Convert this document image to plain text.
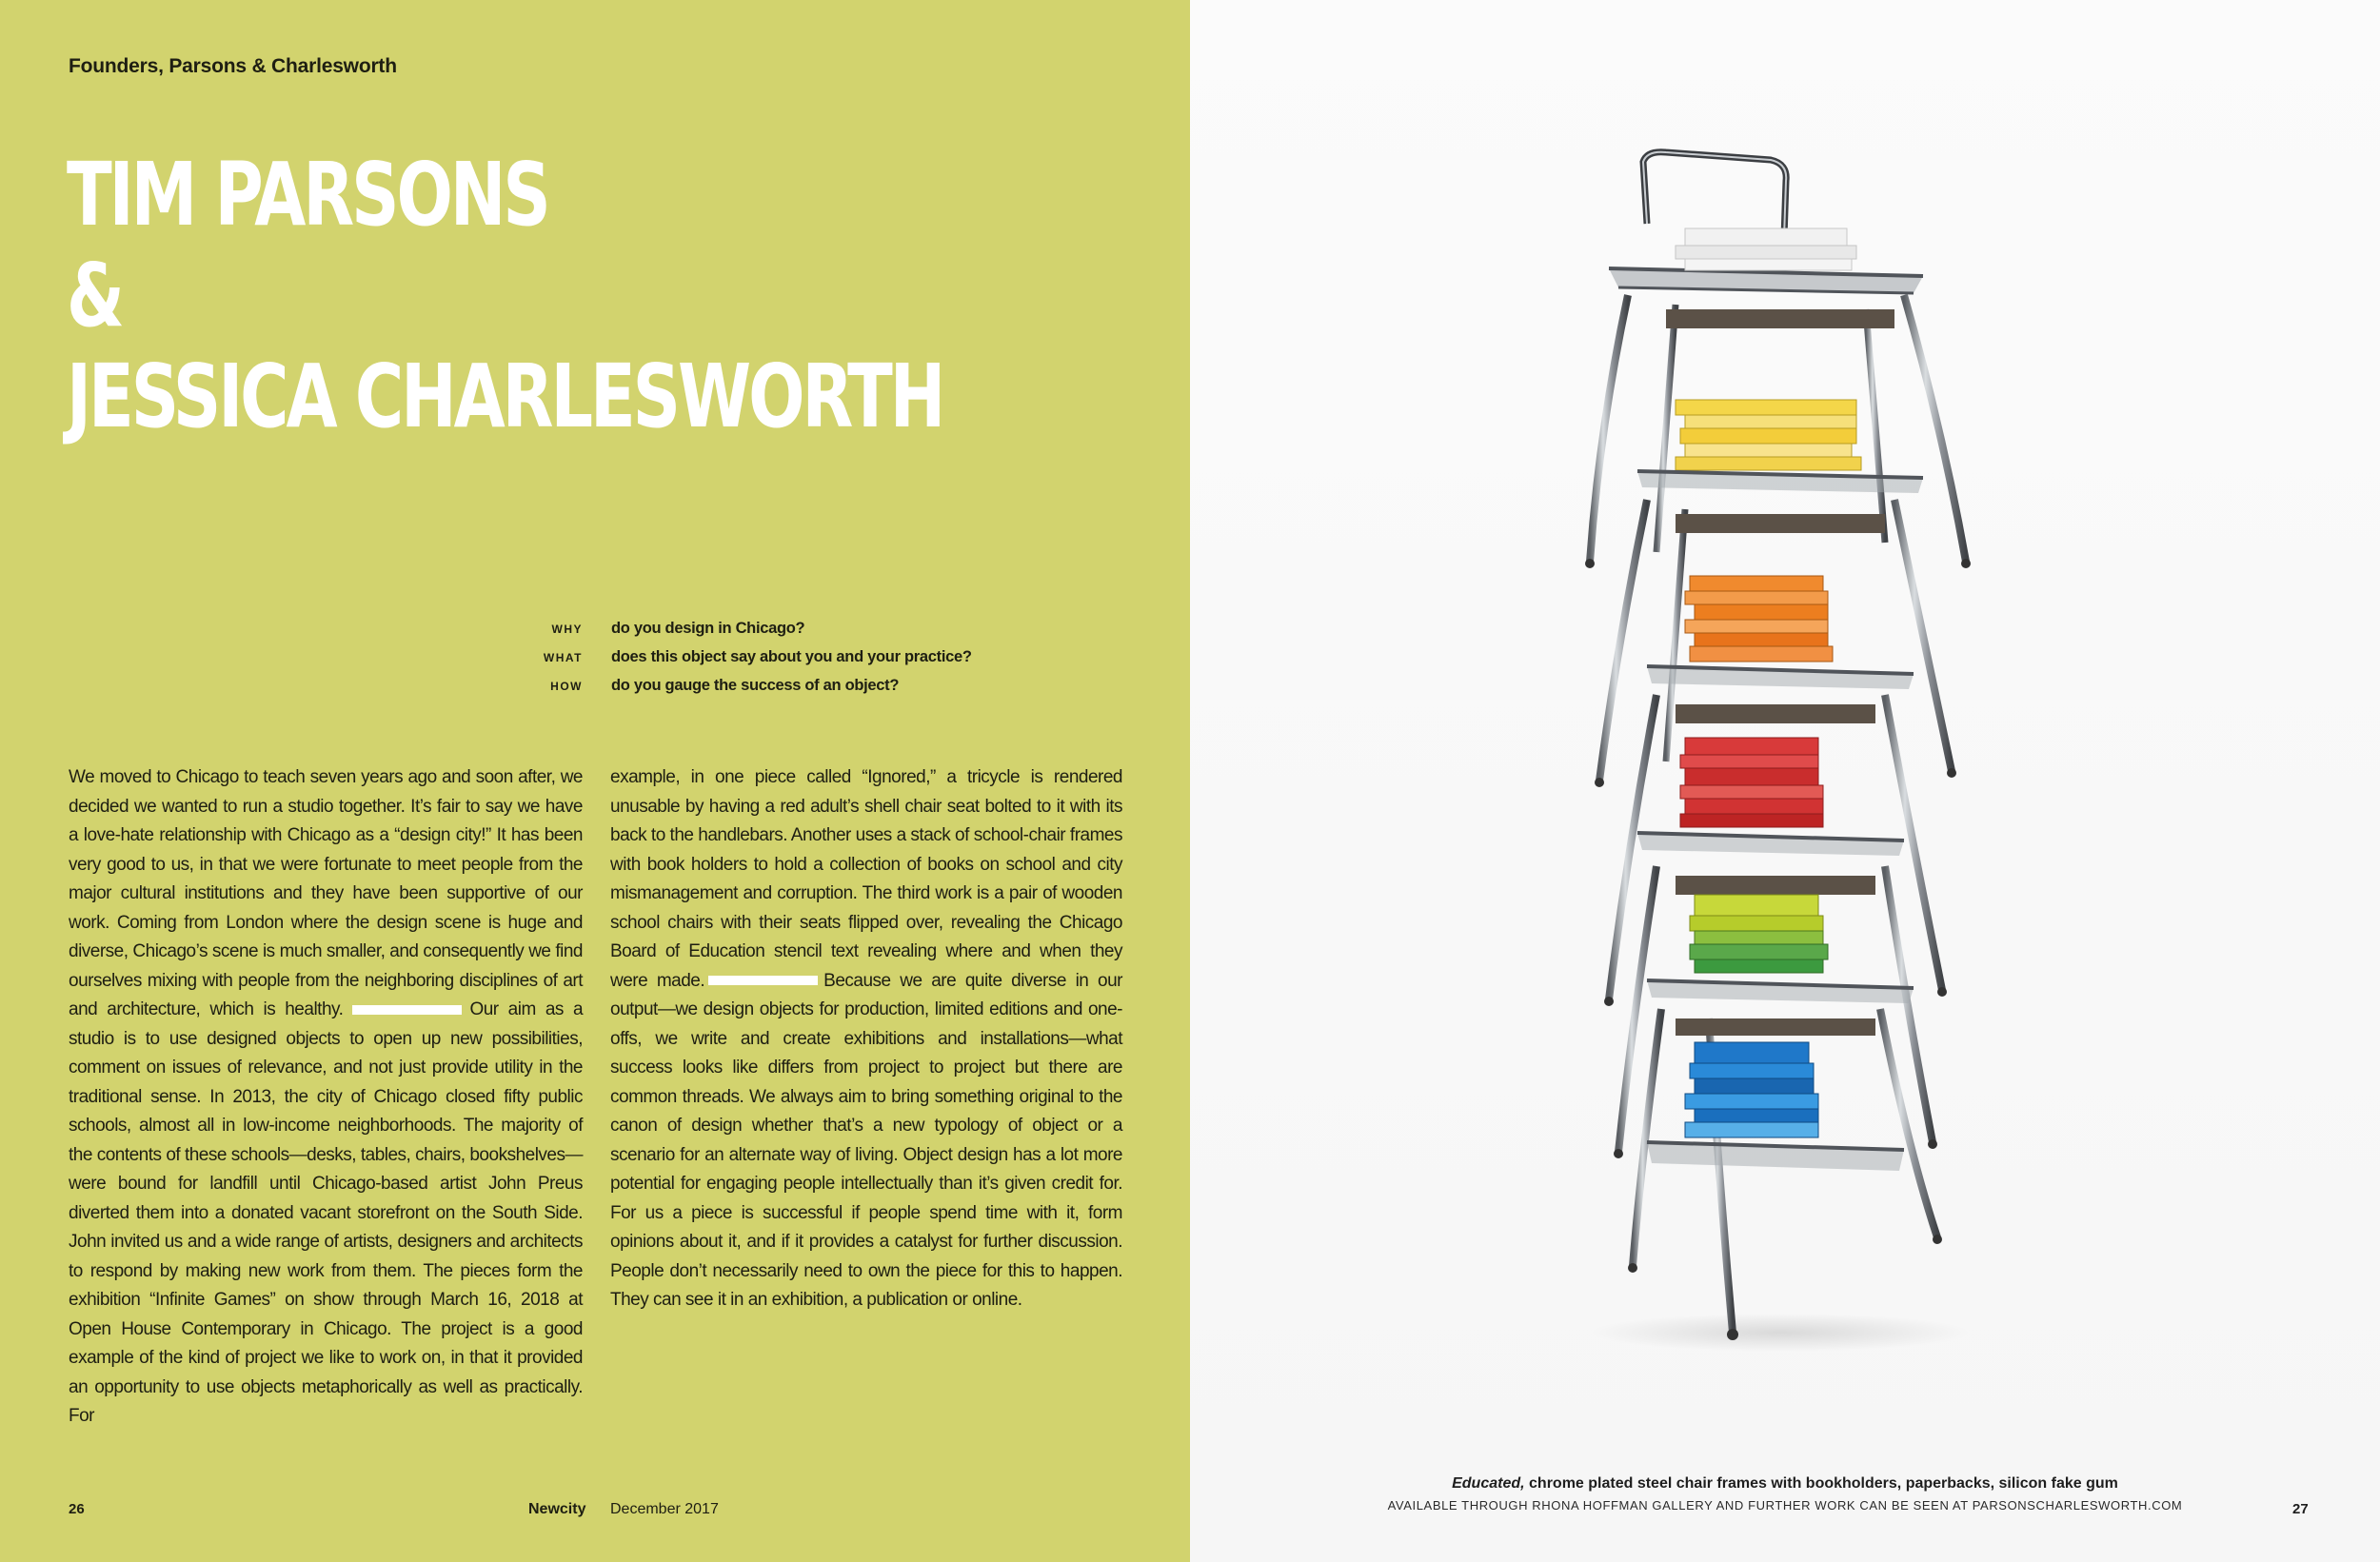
Founders, Parsons & Charlesworth
TIM PARSONS
&
JESSICA CHARLESWORTH
WHY do you design in Chicago?
WHAT does this object say about you and your practice?
HOW do you gauge the success of an object?

We moved to Chicago to teach seven years ago and soon after, we decided we wanted to run a studio together. It’s fair to say we have a love-hate relationship with Chicago as a “design city!” It has been very good to us, in that we were fortunate to meet people from the major cultural institutions and they have been supportive of our work. Coming from London where the design scene is huge and diverse, Chicago’s scene is much smaller, and consequently we find ourselves mixing with people from the neighboring disciplines of art and architecture, which is healthy.

	Our aim as a studio is to use designed objects to open up new possibilities, comment on issues of relevance, and not just provide utility in the traditional sense. In 2013, the city of Chicago closed fifty public schools, almost all in low-income neighborhoods. The majority of the contents of these schools—desks, tables, chairs, bookshelves—were bound for landfill until Chicago-based artist John Preus diverted them into a donated vacant storefront on the South Side. John invited us and a wide range of artists, designers and architects to respond by making new work from them. The pieces form the exhibition “Infinite Games” on show through March 16, 2018 at Open House Contemporary in Chicago. The project is a good example of the kind of project we like to work on, in that it provided an opportunity to use objects metaphorically as well as practically. For

example, in one piece called “Ignored,” a tricycle is rendered unusable by having a red adult’s shell chair seat bolted to it with its back to the handlebars. Another uses a stack of school-chair frames with book holders to hold a collection of books on school and city mismanagement and corruption. The third work is a pair of wooden school chairs with their seats flipped over, revealing the Chicago Board of Education stencil text revealing where and when they were made.	Because we are quite diverse in our output—we design objects for production, limited editions and one-offs, we write and create exhibitions and installations—what success looks like differs from project to project but there are common threads. We always aim to bring something original to the canon of design whether that’s a new typology of object or a scenario for an alternate way of living. Object design has a lot more potential for engaging people intellectually than it’s given credit for. For us a piece is successful if people spend time with it, form opinions about it, and if it provides a catalyst for further discussion. People don’t necessarily need to own the piece for this to happen. They can see it in an exhibition, a publication or online.

26	Newcity December 2017
Educated, chrome plated steel chair frames with bookholders, paperbacks, silicon fake gum
AVAILABLE THROUGH RHONA HOFFMAN GALLERY AND FURTHER WORK CAN BE SEEN AT PARSONSCHARLESWORTH.COM	27
